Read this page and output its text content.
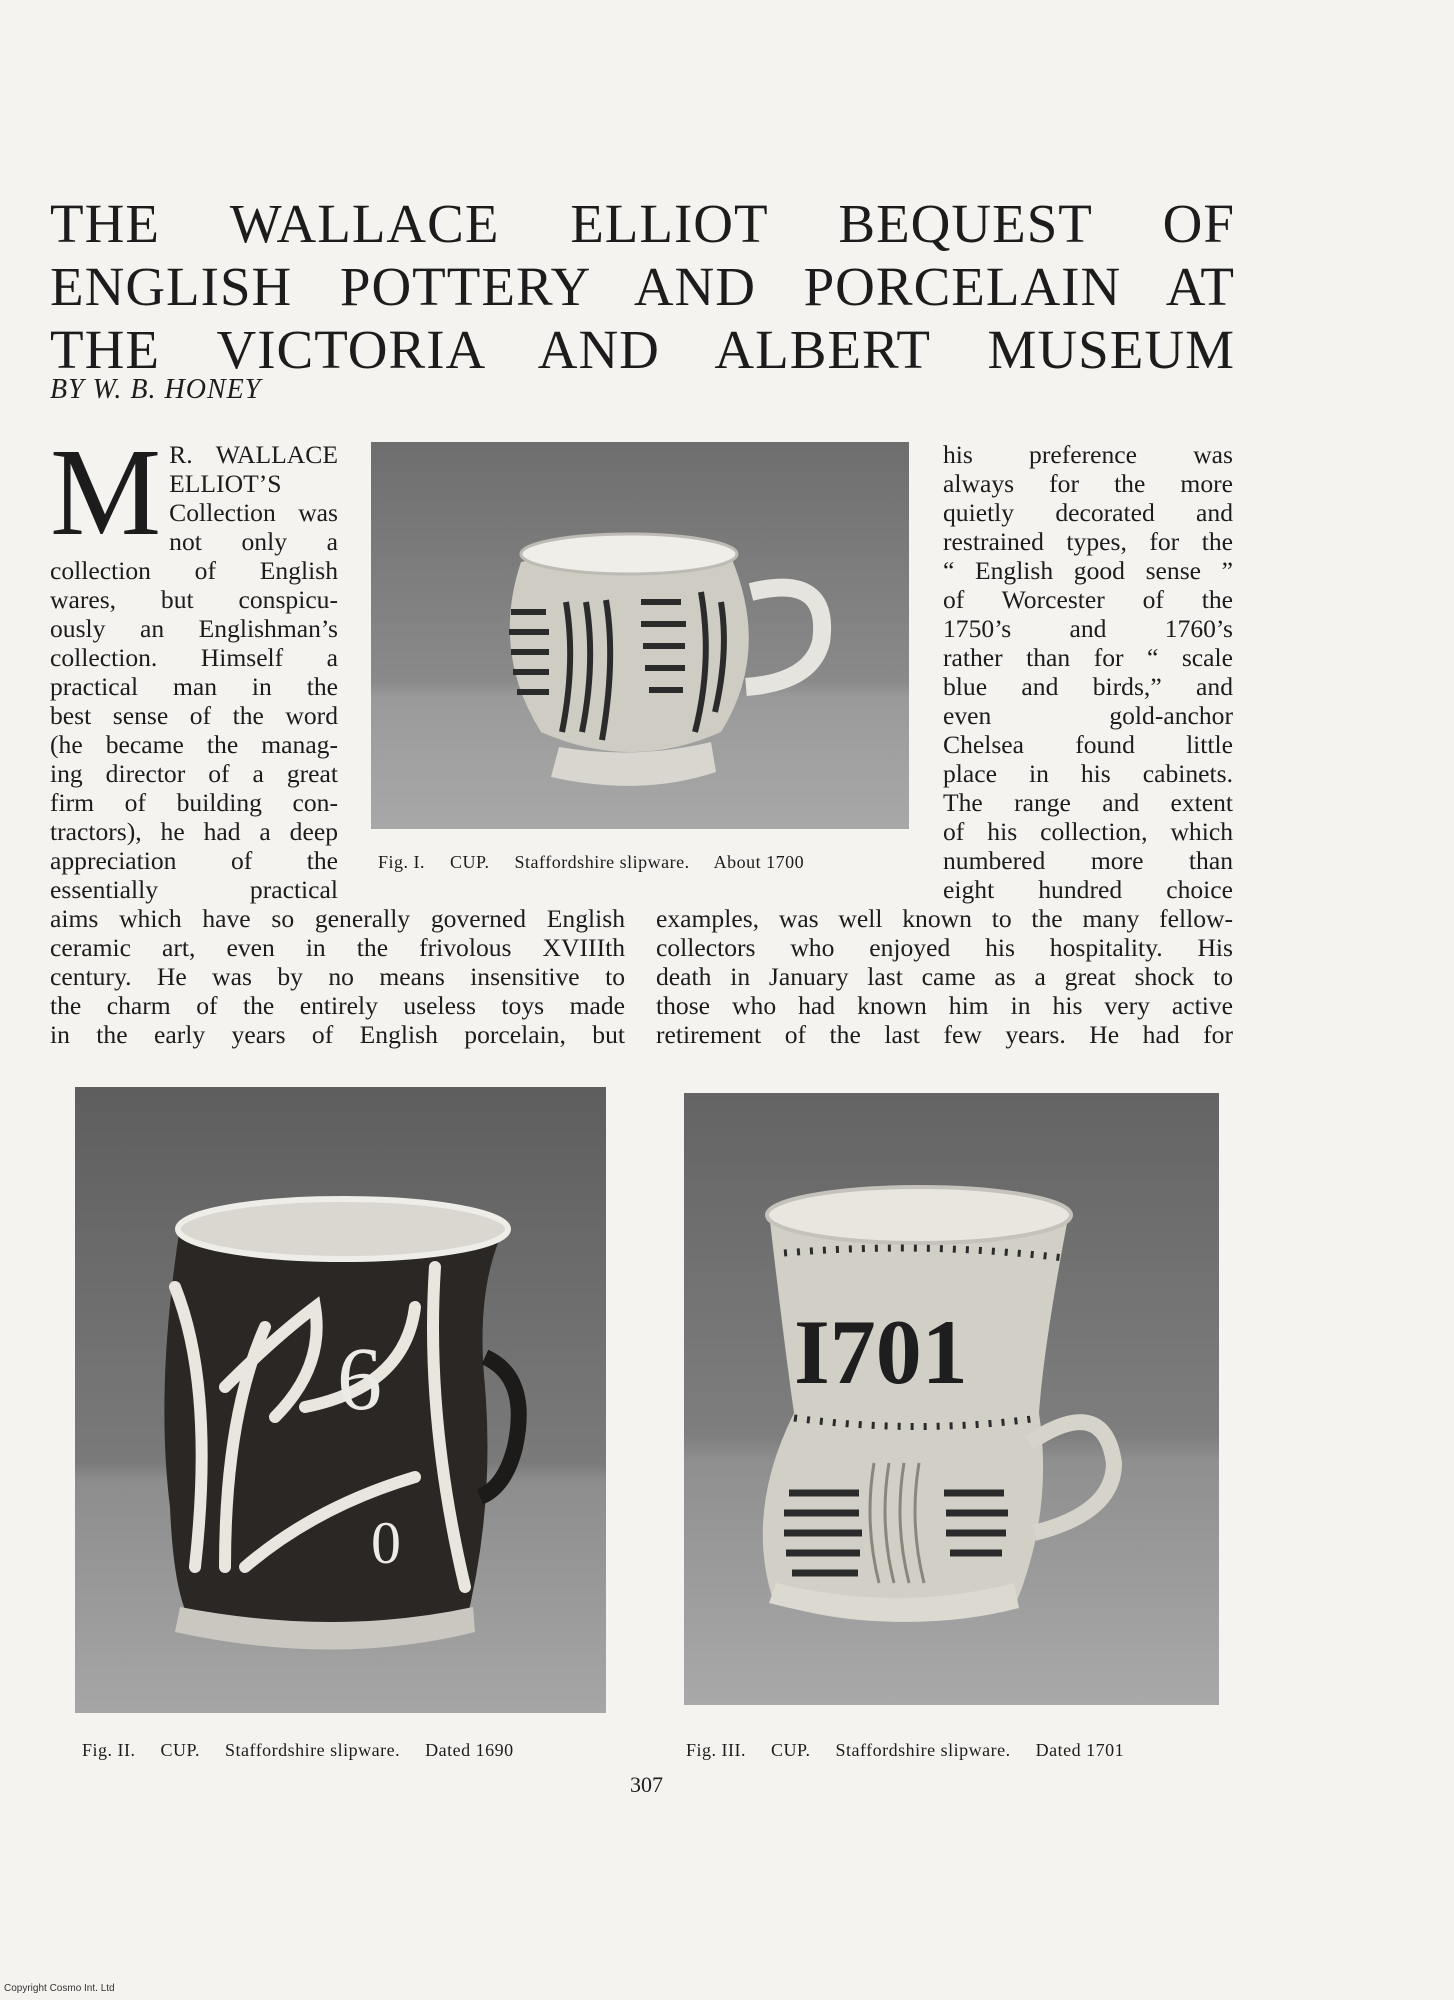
THE WALLACE ELLIOT BEQUEST OF
ENGLISH POTTERY AND PORCELAIN AT
THE VICTORIA AND ALBERT MUSEUM
BY W. B. HONEY
M R. WALLACE
ELLIOT’S
Collection was
not only a
collection of English
wares, but conspicu-
ously an Englishman’s
collection. Himself a
practical man in the
best sense of the word
(he became the manag-
ing director of a great
firm of building con-
tractors), he had a deep
appreciation of the
essentially practical
his preference was
always for the more
quietly decorated and
restrained types, for the
“ English good sense ”
of Worcester of the
1750’s and 1760’s
rather than for “ scale
blue and birds,” and
even gold-anchor
Chelsea found little
place in his cabinets.
The range and extent
of his collection, which
numbered more than
eight hundred choice
aims which have so generally governed English
ceramic art, even in the frivolous XVIIIth
century. He was by no means insensitive to
the charm of the entirely useless toys made
in the early years of English porcelain, but
examples, was well known to the many fellow-
collectors who enjoyed his hospitality. His
death in January last came as a great shock to
those who had known him in his very active
retirement of the last few years. He had for
Fig. I.     CUP.     Staffordshire slipware.     About 1700
6
0
Fig. II.     CUP.     Staffordshire slipware.     Dated 1690
I701
Fig. III.     CUP.     Staffordshire slipware.     Dated 1701
307
Copyright Cosmo Int. Ltd
